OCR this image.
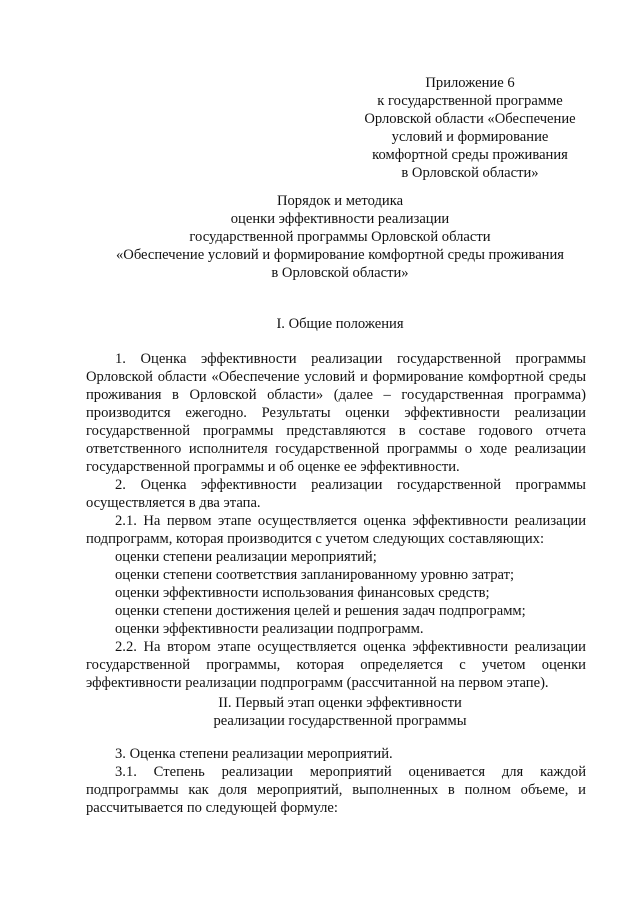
Приложение 6
к государственной программе
Орловской области «Обеспечение
условий и формирование
комфортной среды проживания
в Орловской области»
Порядок и методика
оценки эффективности реализации
государственной программы Орловской области
«Обеспечение условий и формирование комфортной среды проживания
в Орловской области»
I. Общие положения

1. Оценка эффективности реализации государственной программы Орловской области «Обеспечение условий и формирование комфортной среды проживания в Орловской области» (далее – государственная программа) производится ежегодно. Результаты оценки эффективности реализации государственной программы представляются в составе годового отчета ответственного исполнителя государственной программы о ходе реализации государственной программы и об оценке ее эффективности.

2. Оценка эффективности реализации государственной программы осуществляется в два этапа.

2.1. На первом этапе осуществляется оценка эффективности реализации подпрограмм, которая производится с учетом следующих составляющих:

оценки степени реализации мероприятий;

оценки степени соответствия запланированному уровню затрат;

оценки эффективности использования финансовых средств;

оценки степени достижения целей и решения задач подпрограмм;

оценки эффективности реализации подпрограмм.

2.2. На втором этапе осуществляется оценка эффективности реализации государственной программы, которая определяется с учетом оценки эффективности реализации подпрограмм (рассчитанной на первом этапе).

II. Первый этап оценки эффективности
реализации государственной программы

3. Оценка степени реализации мероприятий.

3.1. Степень реализации мероприятий оценивается для каждой подпрограммы как доля мероприятий, выполненных в полном объеме, и рассчитывается по следующей формуле:
